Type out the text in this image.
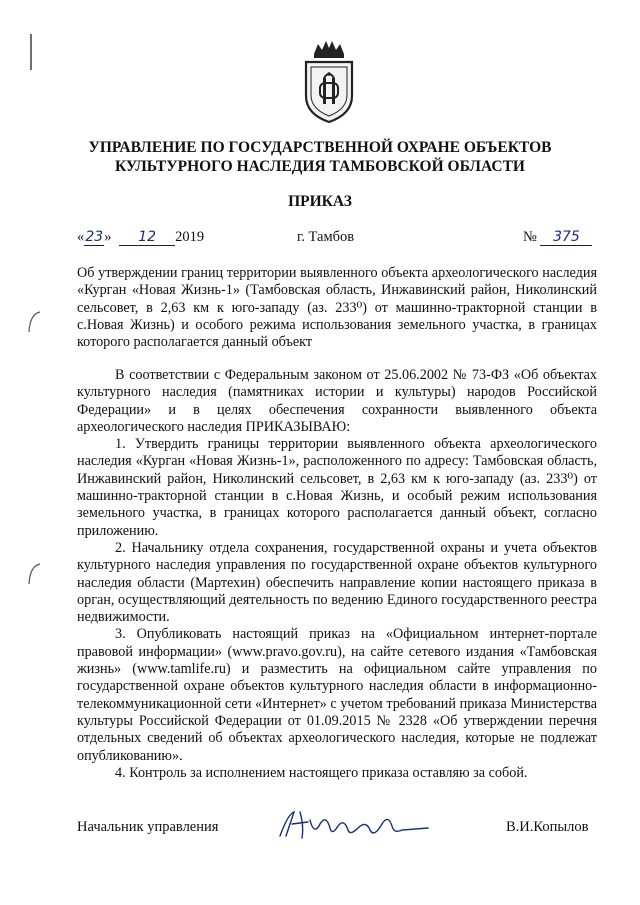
УПРАВЛЕНИЕ ПО ГОСУДАРСТВЕННОЙ ОХРАНЕ ОБЪЕКТОВ
КУЛЬТУРНОГО НАСЛЕДИЯ ТАМБОВСКОЙ ОБЛАСТИ
ПРИКАЗ
«23» 12 2019	г. Тамбов	№ 375
Об утверждении границ территории выявленного объекта археологического наследия «Курган «Новая Жизнь-1» (Тамбовская область, Инжавинский район, Николинский сельсовет, в 2,63 км к юго-западу (аз. 233⁰) от машинно-тракторной станции в с.Новая Жизнь) и особого режима использования земельного участка, в границах которого располагается данный объект

В соответствии с Федеральным законом от 25.06.2002 № 73-ФЗ «Об объектах культурного наследия (памятниках истории и культуры) народов Российской Федерации» и в целях обеспечения сохранности выявленного объекта археологического наследия ПРИКАЗЫВАЮ:

1. Утвердить границы территории выявленного объекта археологического наследия «Курган «Новая Жизнь-1», расположенного по адресу: Тамбовская область, Инжавинский район, Николинский сельсовет, в 2,63 км к юго-западу (аз. 233⁰) от машинно-тракторной станции в с.Новая Жизнь, и особый режим использования земельного участка, в границах которого располагается данный объект, согласно приложению.

2. Начальнику отдела сохранения, государственной охраны и учета объектов культурного наследия управления по государственной охране объектов культурного наследия области (Мартехин) обеспечить направление копии настоящего приказа в орган, осуществляющий деятельность по ведению Единого государственного реестра недвижимости.

3. Опубликовать настоящий приказ на «Официальном интернет-портале правовой информации» (www.pravo.gov.ru), на сайте сетевого издания «Тамбовская жизнь» (www.tamlife.ru) и разместить на официальном сайте управления по государственной охране объектов культурного наследия области в информационно-телекоммуникационной сети «Интернет» с учетом требований приказа Министерства культуры Российской Федерации от 01.09.2015 № 2328 «Об утверждении перечня отдельных сведений об объектах археологического наследия, которые не подлежат опубликованию».

4. Контроль за исполнением настоящего приказа оставляю за собой.

Начальник управления	В.И.Копылов
